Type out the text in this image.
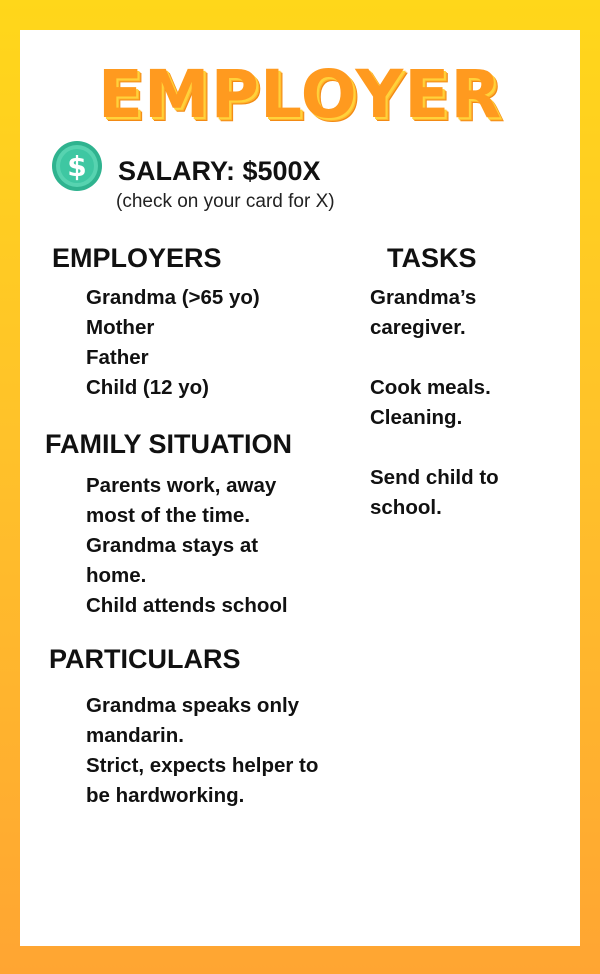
EMPLOYER
$ SALARY: $500X
(check on your card for X)
EMPLOYERS
Grandma (>65 yo)
Mother
Father
Child (12 yo)
TASKS
Grandma’s
caregiver.
Cook meals.
Cleaning.
Send child to
school.
FAMILY SITUATION
Parents work, away
most of the time.
Grandma stays at
home.
Child attends school
PARTICULARS
Grandma speaks only
mandarin.
Strict, expects helper to
be hardworking.
